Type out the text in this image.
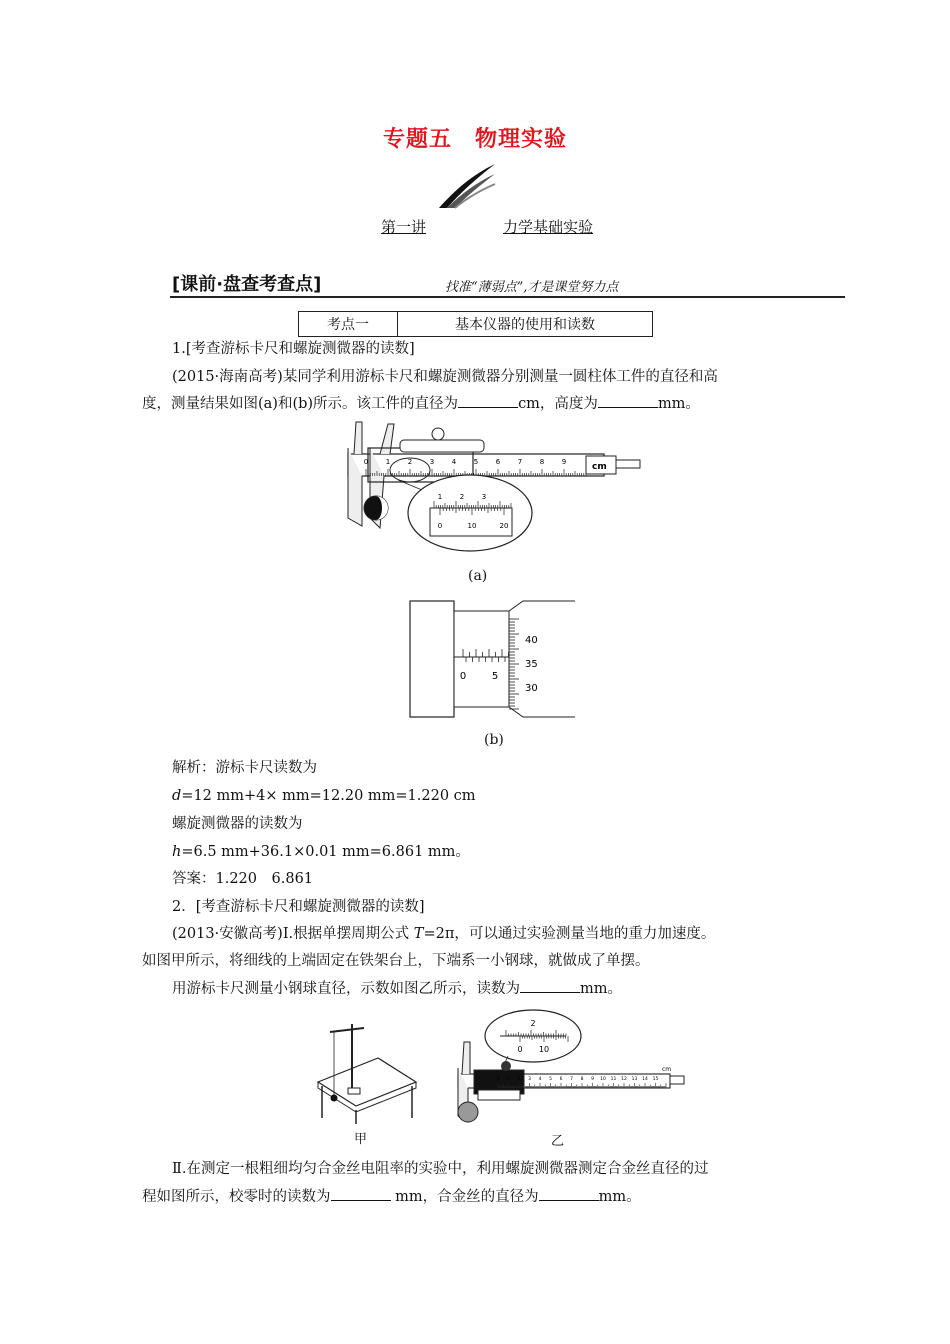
专题五　物理实验
第一讲	力学基础实验
[课前·盘查考查点]	找准“薄弱点”,才是课堂努力点
考点一	基本仪器的使用和读数
1.[考查游标卡尺和螺旋测微器的读数]
(2015·海南高考)某同学利用游标卡尺和螺旋测微器分别测量一圆柱体工件的直径和高
度，测量结果如图(a)和(b)所示。该工件的直径为	cm，高度为	mm。
0	1	2	3	4	5	6	7	8	9	cm
1	2	3
0	10	20
(a)
0	5
40
35
30
(b)
解析：游标卡尺读数为
d=12 mm+4× mm=12.20 mm=1.220 cm
螺旋测微器的读数为
h=6.5 mm+36.1×0.01 mm=6.861 mm。
答案：1.220　6.861
2．[考查游标卡尺和螺旋测微器的读数]
(2013·安徽高考)Ⅰ.根据单摆周期公式 T=2π，可以通过实验测量当地的重力加速度。
如图甲所示，将细线的上端固定在铁架台上，下端系一小钢球，就做成了单摆。
用游标卡尺测量小钢球直径，示数如图乙所示，读数为	mm。
甲
2
0 10
0 1 2 3 4 5 6 7 8 9 10 11 12 13 14 15
cm
乙
Ⅱ.在测定一根粗细均匀合金丝电阻率的实验中，利用螺旋测微器测定合金丝直径的过
程如图所示，校零时的读数为	mm，合金丝的直径为	mm。
